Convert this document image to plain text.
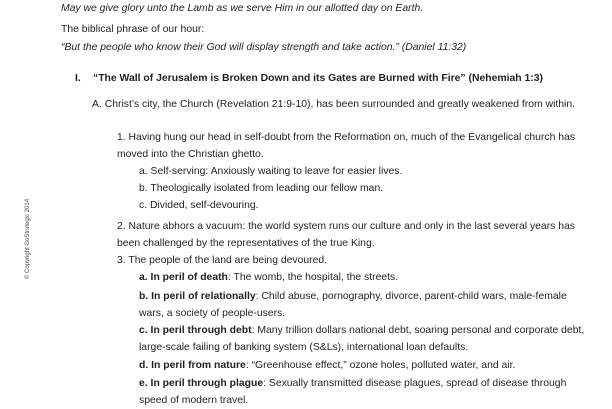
© Copyright GoStrategic 2014
May we give glory unto the Lamb as we serve Him in our allotted day on Earth.
The biblical phrase of our hour:
“But the people who know their God will display strength and take action.” (Daniel 11:32)
I. “The Wall of Jerusalem is Broken Down and its Gates are Burned with Fire” (Nehemiah 1:3)
A. Christ’s city, the Church (Revelation 21:9-10), has been surrounded and greatly weakened from within.
1. Having hung our head in self-doubt from the Reformation on, much of the Evangelical church has moved into the Christian ghetto.
a. Self-serving: Anxiously waiting to leave for easier lives.
b. Theologically isolated from leading our fellow man.
c. Divided, self-devouring.
2. Nature abhors a vacuum: the world system runs our culture and only in the last several years has been challenged by the representatives of the true King.
3. The people of the land are being devoured.
a. In peril of death: The womb, the hospital, the streets.
b. In peril of relationally: Child abuse, pornography, divorce, parent-child wars, male-female wars, a society of people-users.
c. In peril through debt: Many trillion dollars national debt, soaring personal and corporate debt, large-scale failing of banking system (S&Ls), international loan defaults.
d. In peril from nature: “Greenhouse effect,” ozone holes, polluted water, and air.
e. In peril through plague: Sexually transmitted disease plagues, spread of disease through speed of modern travel.
